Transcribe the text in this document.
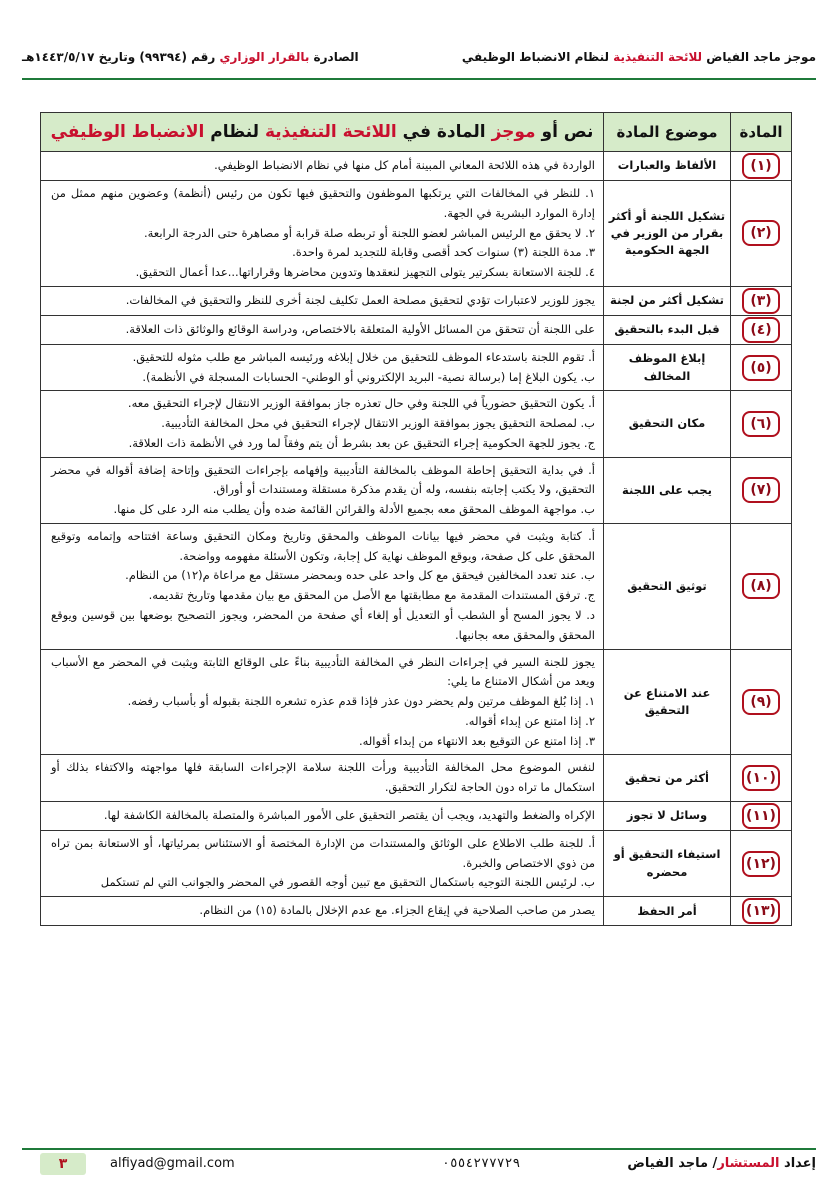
موجز ماجد الفياض للائحة التنفيذية لنظام الانضباط الوظيفي
الصادرة بالقرار الوزاري رقم (٩٩٣٩٤) وتاريخ ١٤٤٣/٥/١٧هـ
المادة	موضوع المادة	نص أو موجز المادة في اللائحة التنفيذية لنظام الانضباط الوظيفي
(١)	الألفاظ والعبارات	الواردة في هذه اللائحة المعاني المبينة أمام كل منها في نظام الانضباط الوظيفي.

(٢)	تشكيل اللجنة أو أكثر بقرار من الوزير في الجهة الحكومية	١. للنظر في المخالفات التي يرتكبها الموظفون والتحقيق فيها تكون من رئيس (أنظمة) وعضوين منهم ممثل من إدارة الموارد البشرية في الجهة.
٢. لا يحقق مع الرئيس المباشر لعضو اللجنة أو تربطه صلة قرابة أو مصاهرة حتى الدرجة الرابعة.
٣. مدة اللجنة (٣) سنوات كحد أقصى وقابلة للتجديد لمرة واحدة.
٤. للجنة الاستعانة بسكرتير يتولى التجهيز لنعقدها وتدوين محاضرها وقراراتها...عدا أعمال التحقيق.

(٣)	تشكيل أكثر من لجنة	يجوز للوزير لاعتبارات تؤدي لتحقيق مصلحة العمل تكليف لجنة أخرى للنظر والتحقيق في المخالفات.

(٤)	قبل البدء بالتحقيق	على اللجنة أن تتحقق من المسائل الأولية المتعلقة بالاختصاص، ودراسة الوقائع والوثائق ذات العلاقة.

(٥)	إبلاغ الموظف المخالف	أ. تقوم اللجنة باستدعاء الموظف للتحقيق من خلال إبلاغه ورئيسه المباشر مع طلب مثوله للتحقيق.
ب. يكون البلاغ إما (برسالة نصية- البريد الإلكتروني أو الوطني- الحسابات المسجلة في الأنظمة).

(٦)	مكان التحقيق	أ. يكون التحقيق حضورياً في اللجنة وفي حال تعذره جاز بموافقة الوزير الانتقال لإجراء التحقيق معه.
ب. لمصلحة التحقيق يجوز بموافقة الوزير الانتقال لإجراء التحقيق في محل المخالفة التأديبية.
ج. يجوز للجهة الحكومية إجراء التحقيق عن بعد بشرط أن يتم وفقاً لما ورد في الأنظمة ذات العلاقة.

(٧)	يجب على اللجنة	أ. في بداية التحقيق إحاطة الموظف بالمخالفة التأديبية وإفهامه بإجراءات التحقيق وإتاحة إضافة أقواله في محضر التحقيق، ولا يكتب إجابته بنفسه، وله أن يقدم مذكرة مستقلة ومستندات أو أوراق.
ب. مواجهة الموظف المحقق معه بجميع الأدلة والقرائن القائمة ضده وأن يطلب منه الرد على كل منها.

(٨)	توثيق التحقيق	أ. كتابة ويثبت في محضر فيها بيانات الموظف والمحقق وتاريخ ومكان التحقيق وساعة افتتاحه وإتمامه وتوقيع المحقق على كل صفحة، ويوقع الموظف نهاية كل إجابة، وتكون الأسئلة مفهومه وواضحة.
ب. عند تعدد المخالفين فيحقق مع كل واحد على حده وبمحضر مستقل مع مراعاة م(١٢) من النظام.
ج. ترفق المستندات المقدمة مع مطابقتها مع الأصل من المحقق مع بيان مقدمها وتاريخ تقديمه.
د. لا يجوز المسح أو الشطب أو التعديل أو إلغاء أي صفحة من المحضر، ويجوز التصحيح بوضعها بين قوسين ويوقع المحقق والمحقق معه بجانبها.

(٩)	عند الامتناع عن التحقيق	يجوز للجنة السير في إجراءات النظر في المخالفة التأديبية بناءً على الوقائع الثابتة ويثبت في المحضر مع الأسباب ويعد من أشكال الامتناع ما يلي:
١. إذا بُلغ الموظف مرتين ولم يحضر دون عذر فإذا قدم عذره تشعره اللجنة بقبوله أو بأسباب رفضه.
٢. إذا امتنع عن إبداء أقواله.
٣. إذا امتنع عن التوقيع بعد الانتهاء من إبداء أقواله.

(١٠)	أكثر من تحقيق	لنفس الموضوع محل المخالفة التأديبية ورأت اللجنة سلامة الإجراءات السابقة فلها مواجهته والاكتفاء بذلك أو استكمال ما تراه دون الحاجة لتكرار التحقيق.

(١١)	وسائل لا تجوز	الإكراه والضغط والتهديد، ويجب أن يقتصر التحقيق على الأمور المباشرة والمتصلة بالمخالفة الكاشفة لها.

(١٢)	استيفاء التحقيق أو محضره	أ. للجنة طلب الاطلاع على الوثائق والمستندات من الإدارة المختصة أو الاستئناس بمرئياتها، أو الاستعانة بمن تراه من ذوي الاختصاص والخبرة.
ب. لرئيس اللجنة التوجيه باستكمال التحقيق مع تبين أوجه القصور في المحضر والجوانب التي لم تستكمل

(١٣)	أمر الحفظ	يصدر من صاحب الصلاحية في إيقاع الجزاء. مع عدم الإخلال بالمادة (١٥) من النظام.
إعداد المستشار/ ماجد الفياض
٠٥٥٤٢٧٧٧٢٩
alfiyad@gmail.com
٣
